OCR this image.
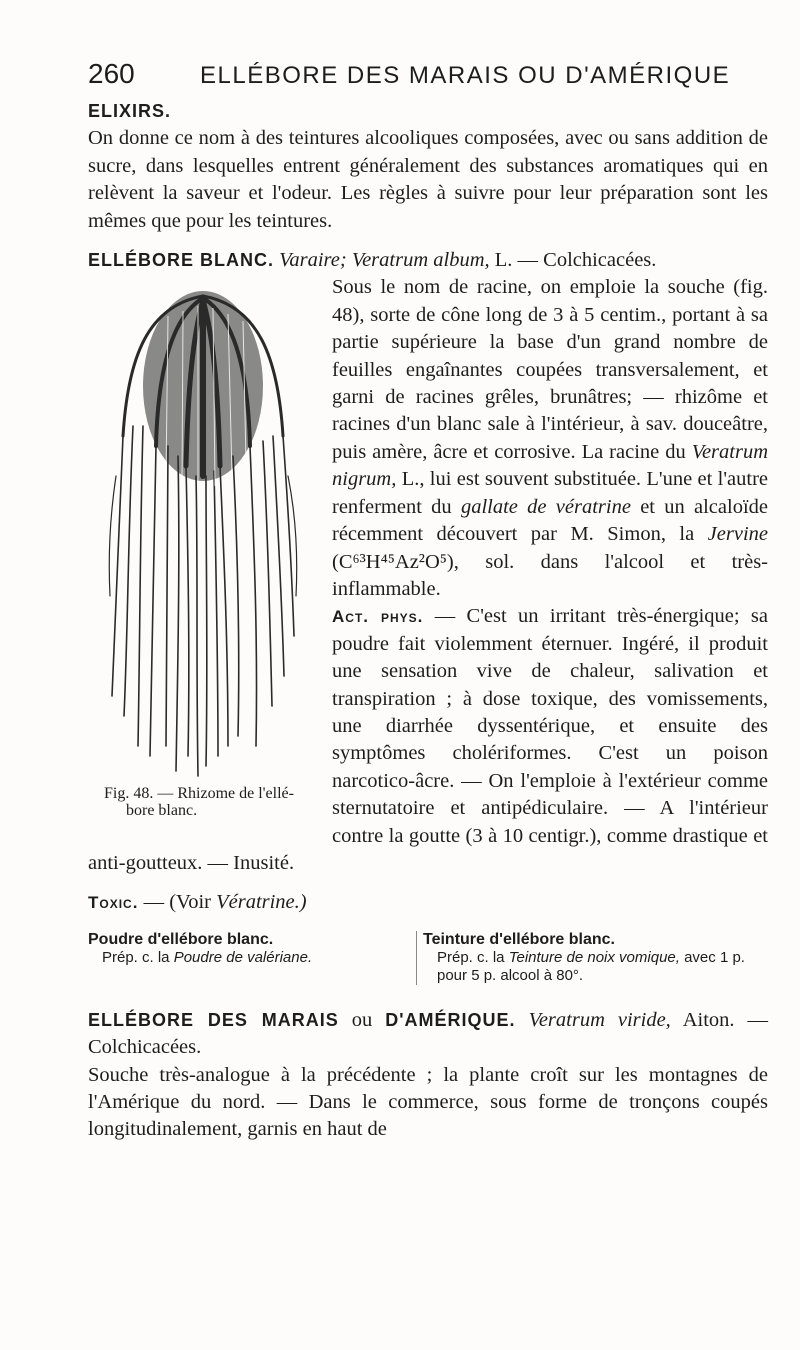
260	ELLÉBORE DES MARAIS OU D'AMÉRIQUE

ELIXIRS.

On donne ce nom à des teintures alcooliques composées, avec ou sans addition de sucre, dans lesquelles entrent généralement des substances aromatiques qui en relèvent la saveur et l'odeur. Les règles à suivre pour leur préparation sont les mêmes que pour les teintures.

ELLÉBORE BLANC. Varaire; Veratrum album, L. — Colchicacées.

Fig. 48. — Rhizome de l'ellé-
bore blanc.

Sous le nom de racine, on emploie la souche (fig. 48), sorte de cône long de 3 à 5 centim., portant à sa partie supérieure la base d'un grand nombre de feuilles engaînantes coupées transversalement, et garni de racines grêles, brunâtres; — rhizôme et racines d'un blanc sale à l'intérieur, à sav. douceâtre, puis amère, âcre et corrosive. La racine du Veratrum nigrum, L., lui est souvent substituée. L'une et l'autre renferment du gallate de vératrine et un alcaloïde récemment découvert par M. Simon, la Jervine (C⁶³H⁴⁵Az²O⁵), sol. dans l'alcool et très-inflammable.

Act. phys. — C'est un irritant très-énergique; sa poudre fait violemment éternuer. Ingéré, il produit une sensation vive de chaleur, salivation et transpiration ; à dose toxique, des vomissements, une diarrhée dyssentérique, et ensuite des symptômes cholériformes. C'est un poison narcotico-âcre. — On l'emploie à l'extérieur comme sternutatoire et antipédiculaire. — A l'intérieur contre la goutte (3 à 10 centigr.), comme drastique et anti-goutteux. — Inusité.

Toxic. — (Voir Vératrine.)

Poudre d'ellébore blanc.
Prép. c. la Poudre de valériane.
Teinture d'ellébore blanc.
Prép. c. la Teinture de noix vomique, avec 1 p. pour 5 p. alcool à 80°.

ELLÉBORE DES MARAIS ou D'AMÉRIQUE. Veratrum viride, Aiton. — Colchicacées.

Souche très-analogue à la précédente ; la plante croît sur les montagnes de l'Amérique du nord. — Dans le commerce, sous forme de tronçons coupés longitudinalement, garnis en haut de
